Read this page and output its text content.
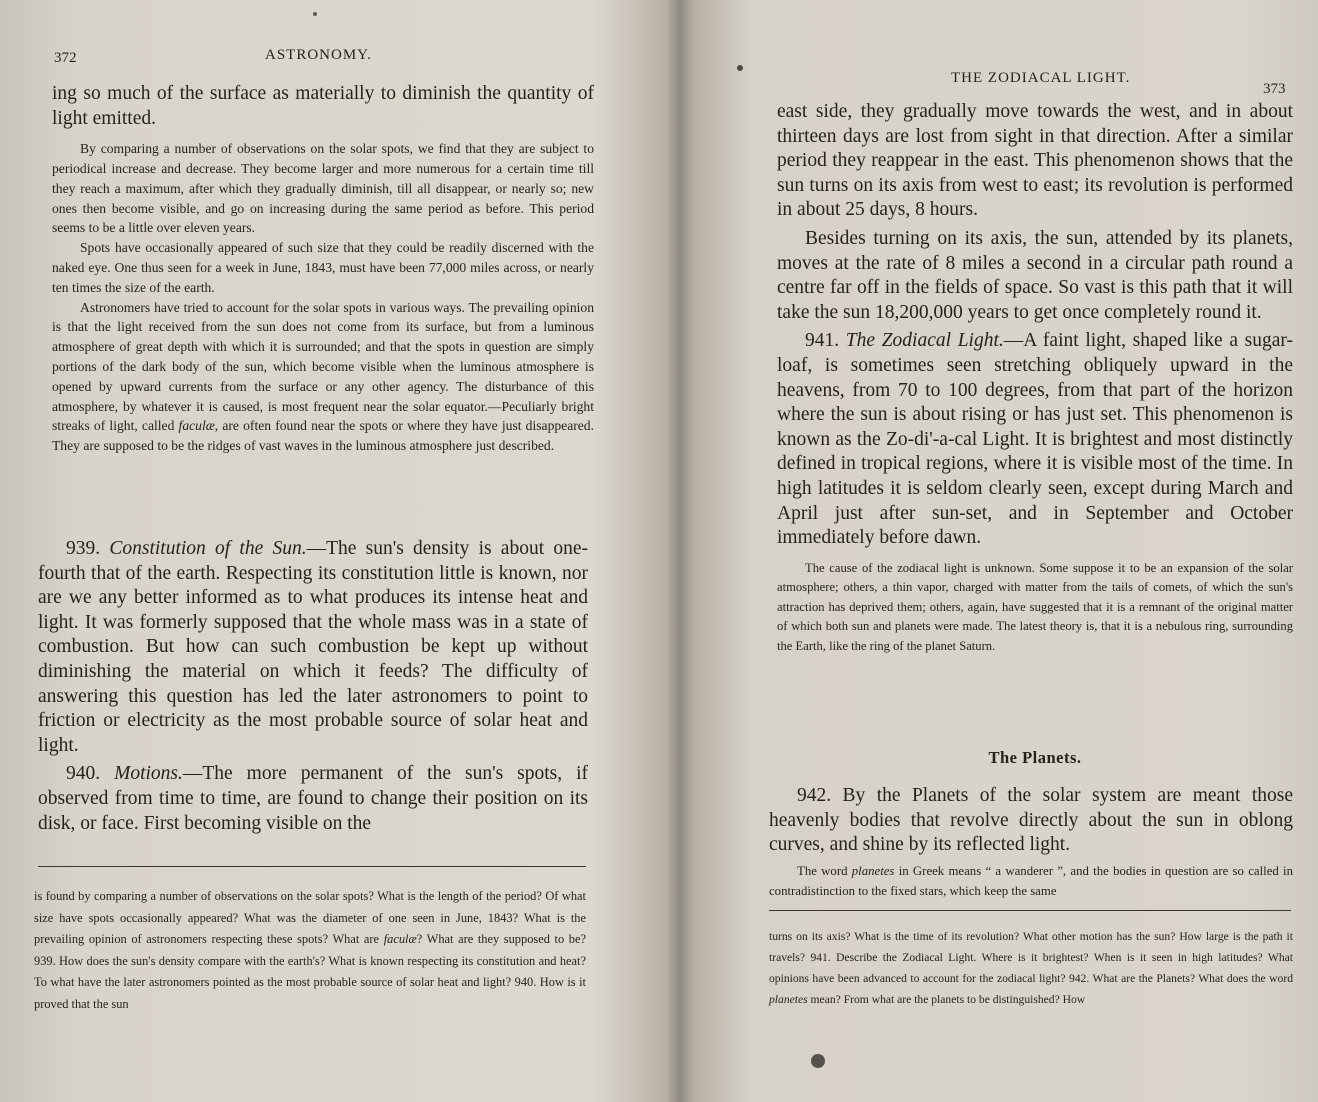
372	ASTRONOMY.

ing so much of the surface as materially to diminish the quantity of light emitted.

By comparing a number of observations on the solar spots, we find that they are subject to periodical increase and decrease. They become larger and more numerous for a certain time till they reach a maximum, after which they gradually diminish, till all disappear, or nearly so; new ones then become visible, and go on increasing during the same period as before. This period seems to be a little over eleven years.

Spots have occasionally appeared of such size that they could be readily discerned with the naked eye. One thus seen for a week in June, 1843, must have been 77,000 miles across, or nearly ten times the size of the earth.

Astronomers have tried to account for the solar spots in various ways. The prevailing opinion is that the light received from the sun does not come from its surface, but from a luminous atmosphere of great depth with which it is surrounded; and that the spots in question are simply portions of the dark body of the sun, which become visible when the luminous atmosphere is opened by upward currents from the surface or any other agency. The disturbance of this atmosphere, by whatever it is caused, is most frequent near the solar equator.—Peculiarly bright streaks of light, called faculæ, are often found near the spots or where they have just disappeared. They are supposed to be the ridges of vast waves in the luminous atmosphere just described.

939. Constitution of the Sun.—The sun's density is about one-fourth that of the earth. Respecting its constitution little is known, nor are we any better informed as to what produces its intense heat and light. It was formerly supposed that the whole mass was in a state of combustion. But how can such combustion be kept up without diminishing the material on which it feeds? The difficulty of answering this question has led the later astronomers to point to friction or electricity as the most probable source of solar heat and light.

940. Motions.—The more permanent of the sun's spots, if observed from time to time, are found to change their position on its disk, or face. First becoming visible on the

is found by comparing a number of observations on the solar spots? What is the length of the period? Of what size have spots occasionally appeared? What was the diameter of one seen in June, 1843? What is the prevailing opinion of astronomers respecting these spots? What are faculæ? What are they supposed to be? 939. How does the sun's density compare with the earth's? What is known respecting its constitution and heat? To what have the later astronomers pointed as the most probable source of solar heat and light? 940. How is it proved that the sun

THE ZODIACAL LIGHT.
373

east side, they gradually move towards the west, and in about thirteen days are lost from sight in that direction. After a similar period they reappear in the east. This phenomenon shows that the sun turns on its axis from west to east; its revolution is performed in about 25 days, 8 hours.

Besides turning on its axis, the sun, attended by its planets, moves at the rate of 8 miles a second in a circular path round a centre far off in the fields of space. So vast is this path that it will take the sun 18,200,000 years to get once completely round it.

941. The Zodiacal Light.—A faint light, shaped like a sugar-loaf, is sometimes seen stretching obliquely upward in the heavens, from 70 to 100 degrees, from that part of the horizon where the sun is about rising or has just set. This phenomenon is known as the Zo-di'-a-cal Light. It is brightest and most distinctly defined in tropical regions, where it is visible most of the time. In high latitudes it is seldom clearly seen, except during March and April just after sun-set, and in September and October immediately before dawn.

The cause of the zodiacal light is unknown. Some suppose it to be an expansion of the solar atmosphere; others, a thin vapor, charged with matter from the tails of comets, of which the sun's attraction has deprived them; others, again, have suggested that it is a remnant of the original matter of which both sun and planets were made. The latest theory is, that it is a nebulous ring, surrounding the Earth, like the ring of the planet Saturn.

The Planets.

942. By the Planets of the solar system are meant those heavenly bodies that revolve directly about the sun in oblong curves, and shine by its reflected light.

The word planetes in Greek means “ a wanderer ”, and the bodies in question are so called in contradistinction to the fixed stars, which keep the same

turns on its axis? What is the time of its revolution? What other motion has the sun? How large is the path it travels? 941. Describe the Zodiacal Light. Where is it brightest? When is it seen in high latitudes? What opinions have been advanced to account for the zodiacal light? 942. What are the Planets? What does the word planetes mean? From what are the planets to be distinguished? How
